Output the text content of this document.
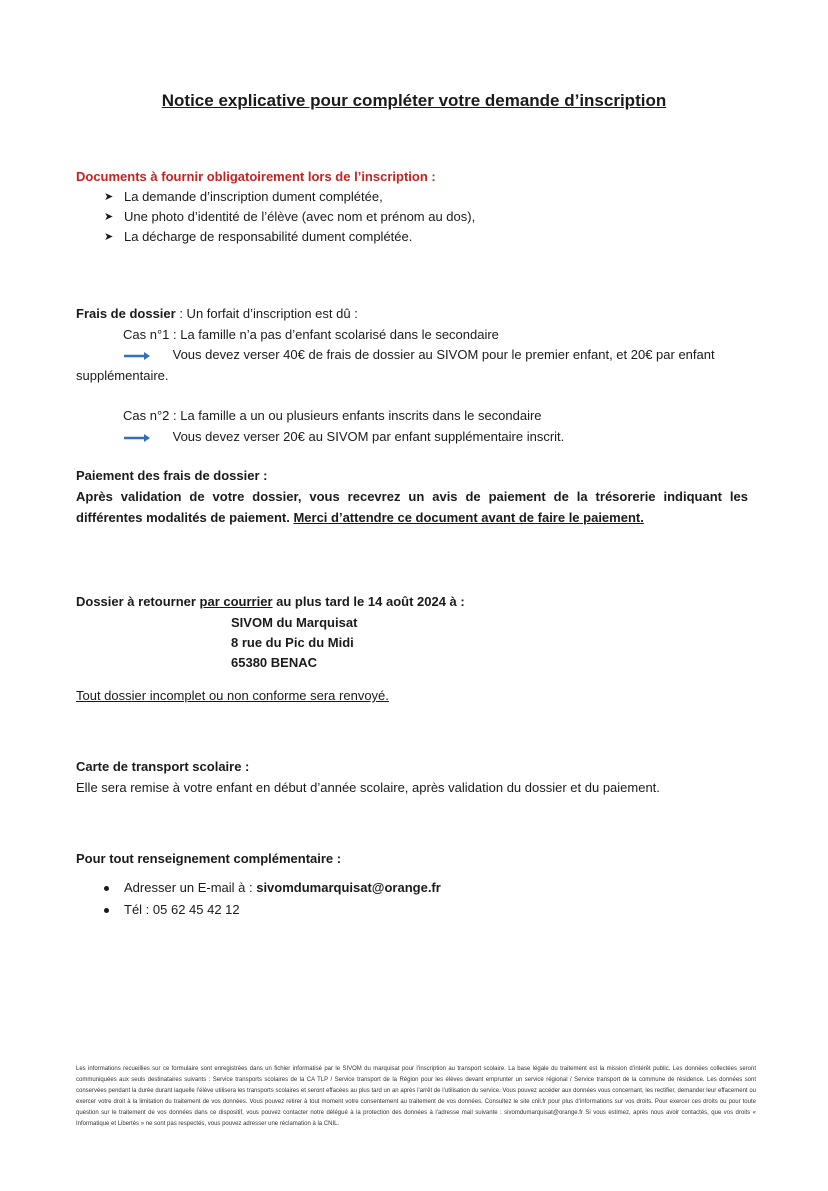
Notice explicative pour compléter votre demande d’inscription
Documents à fournir obligatoirement lors de l’inscription :
➤ La demande d’inscription dument complétée,
➤ Une photo d’identité de l’élève (avec nom et prénom au dos),
➤ La décharge de responsabilité dument complétée.
Frais de dossier : Un forfait d’inscription est dû :
Cas n°1 : La famille n’a pas d’enfant scolarisé dans le secondaire
Vous devez verser 40€ de frais de dossier au SIVOM pour le premier enfant, et 20€ par enfant
supplémentaire.
Cas n°2 : La famille a un ou plusieurs enfants inscrits dans le secondaire
Vous devez verser 20€ au SIVOM par enfant supplémentaire inscrit.
Paiement des frais de dossier :
Après validation de votre dossier, vous recevrez un avis de paiement de la trésorerie indiquant les
différentes modalités de paiement. Merci d’attendre ce document avant de faire le paiement.
Dossier à retourner par courrier au plus tard le 14 août 2024 à :
SIVOM du Marquisat
8 rue du Pic du Midi
65380 BENAC
Tout dossier incomplet ou non conforme sera renvoyé.
Carte de transport scolaire :
Elle sera remise à votre enfant en début d’année scolaire, après validation du dossier et du paiement.
Pour tout renseignement complémentaire :
Adresser un E-mail à : sivomdumarquisat@orange.fr
Tél : 05 62 45 42 12
Les informations recueillies sur ce formulaire sont enregistrées dans un fichier informatisé par le SIVOM du marquisat pour l’inscription au transport scolaire. La base légale du traitement est la mission d’intérêt public. Les données collectées seront communiquées aux seuls destinataires suivants : Service transports scolaires de la CA TLP / Service transport de la Région pour les élèves devant emprunter un service régional / Service transport de la commune de résidence. Les données sont conservées pendant la durée durant laquelle l’élève utilisera les transports scolaires et seront effacées au plus tard un an après l’arrêt de l’utilisation du service. Vous pouvez accéder aux données vous concernant, les rectifier, demander leur effacement ou exercer votre droit à la limitation du traitement de vos données. Vous pouvez retirer à tout moment votre consentement au traitement de vos données. Consultez le site cnil.fr pour plus d’informations sur vos droits. Pour exercer ces droits ou pour toute question sur le traitement de vos données dans ce dispositif, vous pouvez contacter notre délégué à la protection des données à l’adresse mail suivante : sivomdumarquisat@orange.fr Si vous estimez, après nous avoir contactés, que vos droits « Informatique et Libertés » ne sont pas respectés, vous pouvez adresser une réclamation à la CNIL.
